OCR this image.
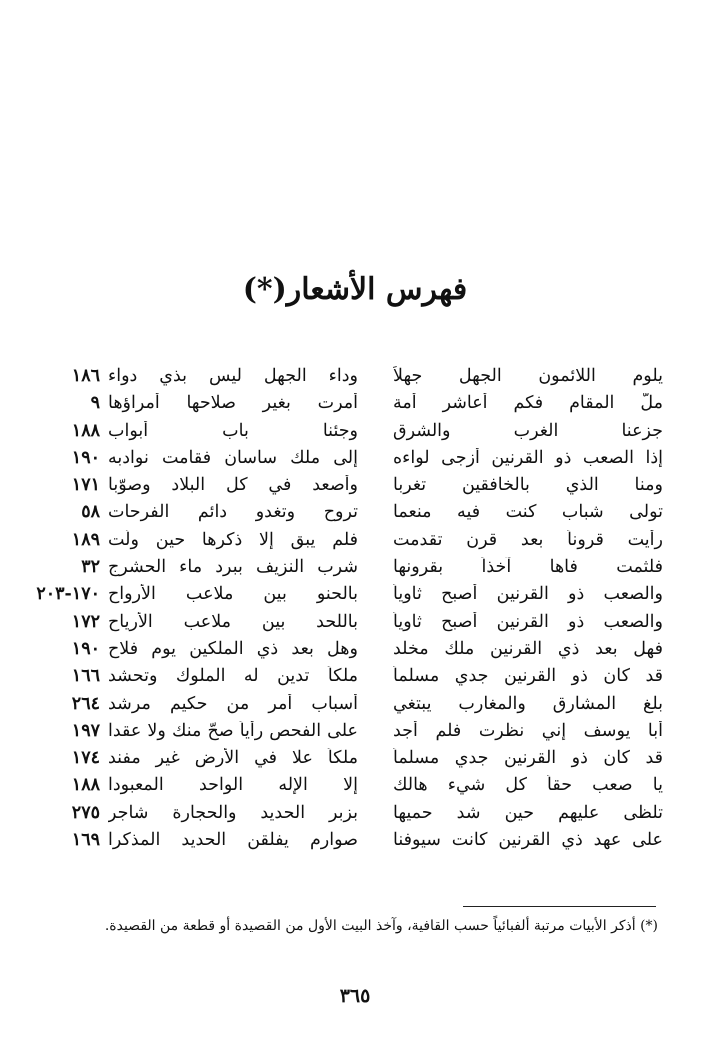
فهرس الأشعار(*)
يلوم اللائمون الجهل جهلاً
وداء الجهل ليس بذي دواء
١٨٦
ملَّ المقام فكم أعاشر أمة
أمرت بغير صلاحها أمراؤها
٩
جزعنا الغرب والشرق
وجئنا باب أبواب
١٨٨
إذا الصعب ذو القرنين أزجى لواءه
إلى ملك ساسان فقامت نوادبه
١٩٠
ومنا الذي بالخافقين تغربا
وأصعد في كل البلاد وصوّبا
١٧١
تولى شباب كنت فيه منعما
تروح وتغدو دائم الفرحات
٥٨
رأيت قروناً بعد قرن تقدمت
فلم يبق إلا ذكرها حين ولّت
١٨٩
فلثمت فاها آخذاً بقرونها
شرب النزيف ببرد ماء الحشرج
٣٢
والصعب ذو القرنين أصبح ثاوياً
بالحنو بين ملاعب الأرواح
١٧٠-٢٠٣
والصعب ذو القرنين أصبح ثاوياً
باللحد بين ملاعب الأرياح
١٧٢
فهل بعد ذي القرنين ملك مخلد
وهل بعد ذي الملكين يوم فلاح
١٩٠
قد كان ذو القرنين جدي مسلماً
ملكاً تدين له الملوك وتحشد
١٦٦
بلغ المشارق والمغارب يبتغي
أسباب أمر من حكيم مرشد
٢٦٤
أبا يوسف إني نظرت فلم أجد
على الفحص رأياً صحّ منك ولا عقدا
١٩٧
قد كان ذو القرنين جدي مسلماً
ملكاً علا في الأرض غير مفند
١٧٤
يا صعب حقاً كل شيء هالك
إلا الإله الواحد المعبودا
١٨٨
تلظى عليهم حين شد حميها
بزبر الحديد والحجارة شاجر
٢٧٥
على عهد ذي القرنين كانت سيوفنا
صوارم يفلقن الحديد المذكرا
١٦٩

(*) أذكر الأبيات مرتبة ألفبائياً حسب القافية، وآخذ البيت الأول من القصيدة أو قطعة من القصيدة.

٣٦٥
